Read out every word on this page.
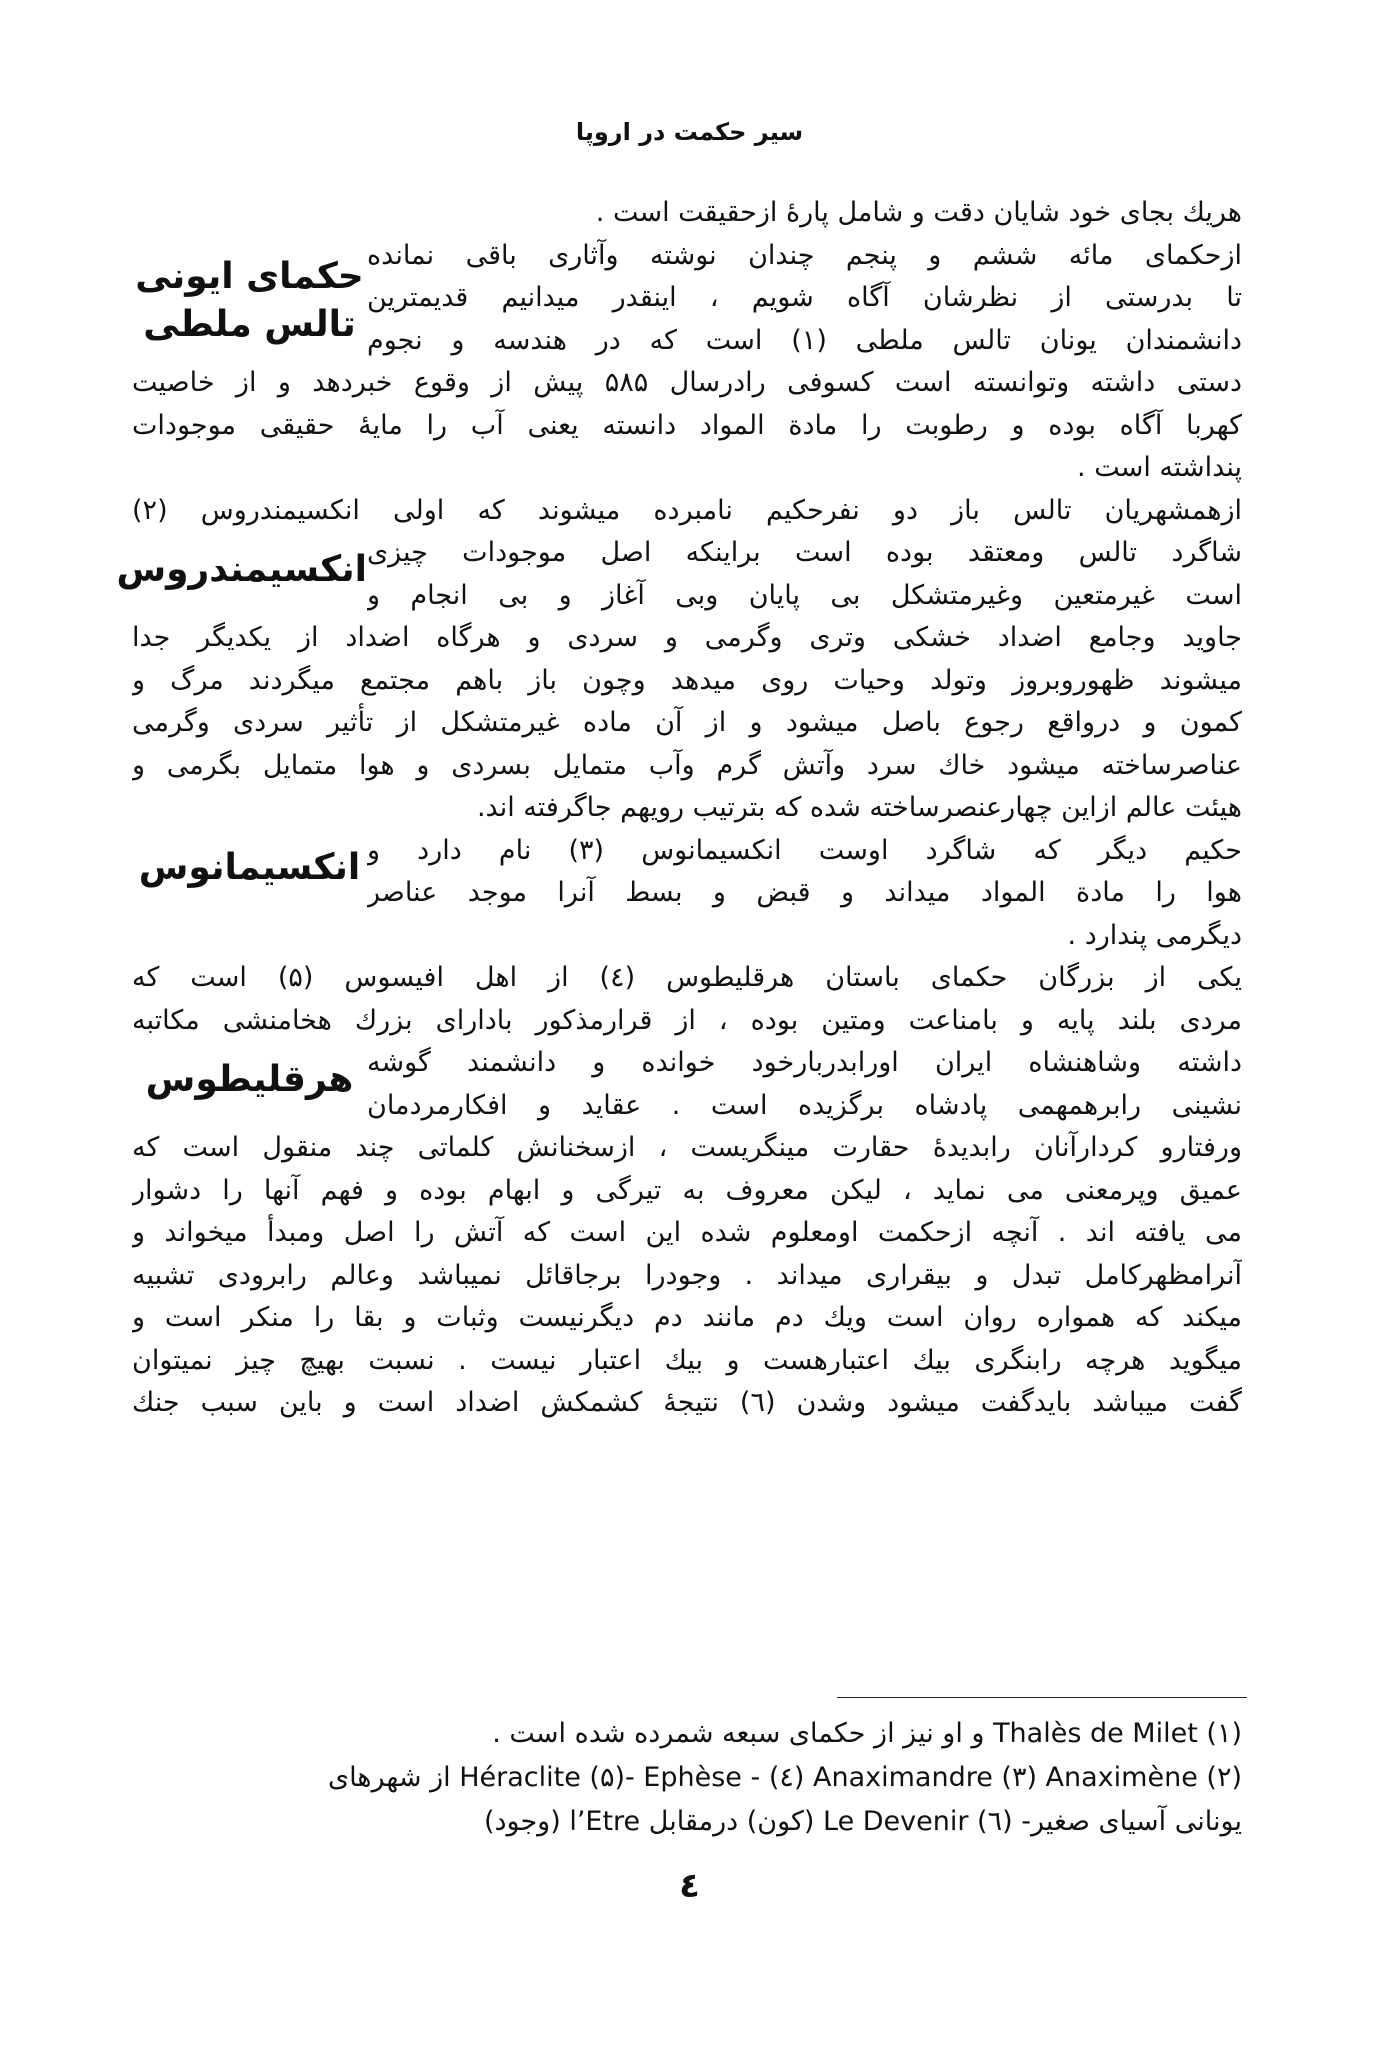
سیر حکمت در اروپا
هریك بجای خود شایان دقت و شامل پارهٔ ازحقیقت است .
ازحکمای مائه ششم و پنجم چندان نوشته وآثاری باقی نمانده
تا بدرستی از نظرشان آگاه شویم ، اینقدر میدانیم قدیمترین
دانشمندان یونان تالس ملطی (۱) است که در هندسه و نجوم
حکمای ایونی
تالس ملطی
دستی داشته وتوانسته است کسوفی رادرسال ۵۸۵ پیش از وقوع خبردهد و از خاصیت
کهربا آگاه بوده و رطوبت را مادة المواد دانسته یعنی آب را مایهٔ حقیقی موجودات
پنداشته است .
ازهمشهریان تالس باز دو نفرحکیم نامبرده میشوند که اولی انکسیمندروس (۲)
شاگرد تالس ومعتقد بوده است براینکه اصل موجودات چیزی
است غیرمتعین وغیرمتشکل بی پایان وبی آغاز و بی انجام و
انکسیمندروس
جاوید وجامع اضداد خشکی وتری وگرمی و سردی و هرگاه اضداد از یکدیگر جدا
میشوند ظهوروبروز وتولد وحیات روی میدهد وچون باز باهم مجتمع میگردند مرگ و
کمون و درواقع رجوع باصل میشود و از آن ماده غیرمتشکل از تأثیر سردی وگرمی
عناصرساخته میشود خاك سرد وآتش گرم وآب متمایل بسردی و هوا متمایل بگرمی و
هیئت عالم ازاین چهارعنصرساخته شده که بترتیب رویهم جاگرفته اند.
حکیم دیگر که شاگرد اوست انکسیمانوس (۳) نام دارد و
هوا را مادة المواد میداند و قبض و بسط آنرا موجد عناصر
انکسیمانوس
دیگرمی پندارد .
یکی از بزرگان حکمای باستان هرقلیطوس (٤) از اهل افیسوس (۵) است که
مردی بلند پایه و بامناعت ومتین بوده ، از قرارمذکور بادارای بزرك هخامنشی مکاتبه
داشته وشاهنشاه ایران اورابدربارخود خوانده و دانشمند گوشه
نشینی رابرهمهمی پادشاه برگزیده است . عقاید و افکارمردمان
هرقلیطوس
ورفتارو کردارآنان رابدیدهٔ حقارت مینگریست ، ازسخنانش کلماتی چند منقول است که
عمیق وپرمعنی می نماید ، لیکن معروف به تیرگی و ابهام بوده و فهم آنها را دشوار
می یافته اند . آنچه ازحکمت اومعلوم شده این است که آتش را اصل ومبدأ میخواند و
آنرامظهرکامل تبدل و بیقراری میداند . وجودرا برجاقائل نمیباشد وعالم رابرودی تشبیه
میکند که همواره روان است ویك دم مانند دم دیگرنیست وثبات و بقا را منکر است و
میگوید هرچه رابنگری بیك اعتبارهست و بیك اعتبار نیست . نسبت بهیچ چیز نمیتوان
گفت میباشد بایدگفت میشود وشدن (٦) نتیجهٔ کشمکش اضداد است و باین سبب جنك
(۱) Thalès de Milet و او نیز از حکمای سبعه شمرده شده است .
(۲) Anaximandre (۳) Anaximène (٤) - Héraclite (۵)- Ephèse از شهرهای
یونانی آسیای صغیر- (٦) Le Devenir (کون) درمقابل l’Etre (وجود)
٤
